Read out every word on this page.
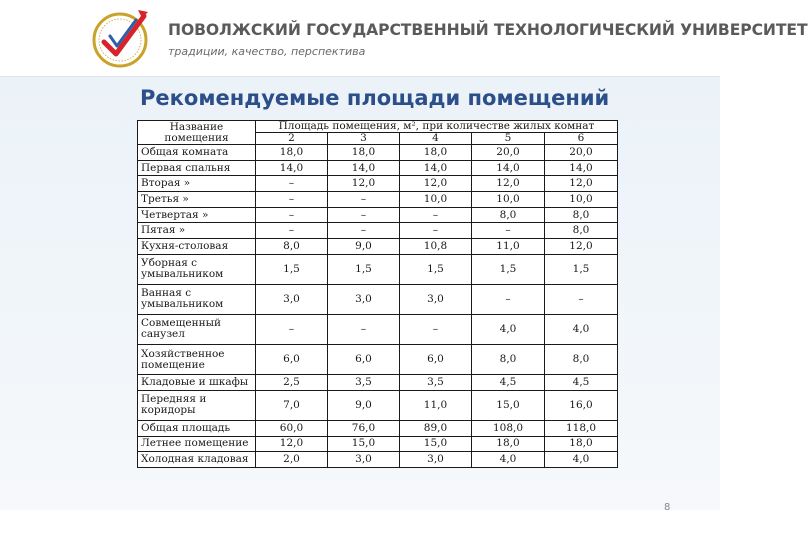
ПОВОЛЖСКИЙ ГОСУДАРСТВЕННЫЙ ТЕХНОЛОГИЧЕСКИЙ УНИВЕРСИТЕТ
традиции, качество, перспектива
Рекомендуемые площади помещений
Название помещения	Площадь помещения, м², при количестве жилых комнат				
	2	3	4	5	6
Общая комната	18,0	18,0	18,0	20,0	20,0
Первая спальня	14,0	14,0	14,0	14,0	14,0
Вторая »	–	12,0	12,0	12,0	12,0
Третья »	–	–	10,0	10,0	10,0
Четвертая »	–	–	–	8,0	8,0
Пятая »	–	–	–	–	8,0
Кухня-столовая	8,0	9,0	10,8	11,0	12,0
Уборная с умывальником	1,5	1,5	1,5	1,5	1,5
Ванная с умывальником	3,0	3,0	3,0	–	–
Совмещенный санузел	–	–	–	4,0	4,0
Хозяйственное помещение	6,0	6,0	6,0	8,0	8,0
Кладовые и шкафы	2,5	3,5	3,5	4,5	4,5
Передняя и коридоры	7,0	9,0	11,0	15,0	16,0
Общая площадь	60,0	76,0	89,0	108,0	118,0
Летнее помещение	12,0	15,0	15,0	18,0	18,0
Холодная кладовая	2,0	3,0	3,0	4,0	4,0
8
